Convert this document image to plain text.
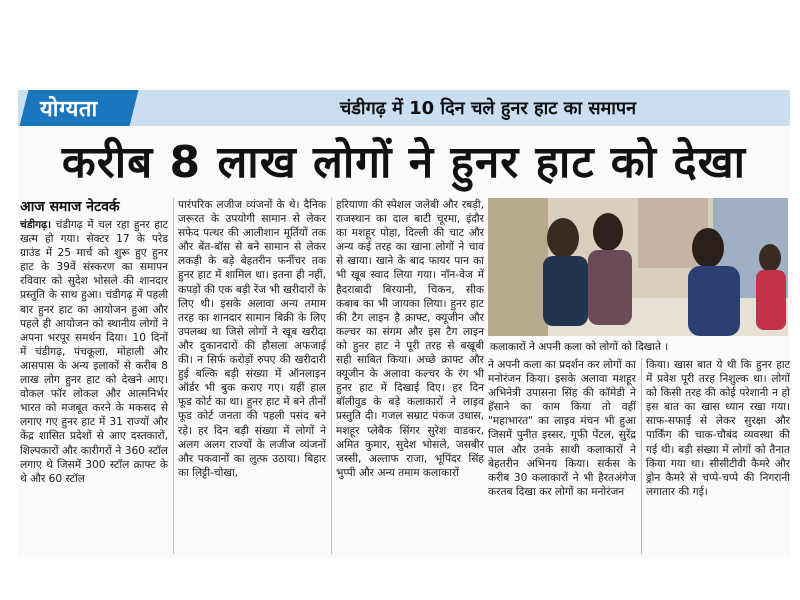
योग्यता	चंडीगढ़ में 10 दिन चले हुनर हाट का समापन
करीब 8 लाख लोगों ने हुनर हाट को देखा
आज समाज नेटवर्क

चंडीगढ़। चंडीगढ़ में चल रहा हुनर हाट खत्म हो गया। सेक्टर 17 के परेड ग्राउंड में 25 मार्च को शुरू हुए हुनर हाट के 39वें संस्करण का समापन रविवार को सुदेश भोसले की शानदार प्रस्तुति के साथ हुआ। चंडीगढ़ में पहली बार हुनर हाट का आयोजन हुआ और पहले ही आयोजन को स्थानीय लोगों ने अपना भरपूर समर्थन दिया। 10 दिनों में चंडीगढ़, पंचकूला, मोहाली और आसपास के अन्य इलाकों से करीब 8 लाख लोग हुनर हाट को देखने आए। वोकल फॉर लोकल और आत्मनिर्भर भारत को मजबूत करने के मकसद से लगाए गए हुनर हाट में 31 राज्यों और केंद्र शासित प्रदेशों से आए दस्तकारों, शिल्पकारों और कारीगरों ने 360 स्टॉल लगाए थे जिसमें 300 स्टॉल क्राफ्ट के थे और 60 स्टॉल

पारंपरिक लजीज व्यंजनों के थे। दैनिक जरूरत के उपयोगी सामान से लेकर सफेद पत्थर की आलीशान मूर्तियों तक और बेंत-बॉस से बने सामान से लेकर लकड़ी के बड़े बेहतरीन फर्नीचर तक हुनर हाट में शामिल था। इतना ही नहीं, कपड़ों की एक बड़ी रेंज भी खरीदारों के लिए थी। इसके अलावा अन्य तमाम तरह का शानदार सामान बिक्री के लिए उपलब्ध था जिसे लोगों ने खूब खरीदा और दुकानदारों की हौसला अफजाई की। न सिर्फ करोड़ों रुपए की खरीदारी हुई बल्कि बड़ी संख्या में ऑनलाइन ऑर्डर भी बुक कराए गए। यहीं हाल फूड कोर्ट का था। हुनर हाट में बने तीनों फूड कोर्ट जनता की पहली पसंद बने रहे। हर दिन बड़ी संख्या में लोगों ने अलग अलग राज्यों के लजीज व्यंजनों और पकवानों का लुत्फ उठाया। बिहार का लिट्टी-चोखा,

हरियाणा की स्पेशल जलेबी और रबड़ी, राजस्थान का दाल बाटी चूरमा, इंदौर का मशहूर पोहा, दिल्ली की चाट और अन्य कई तरह का खाना लोगों ने चाव से खाया। खाने के बाद फायर पान का भी खूब स्वाद लिया गया। नॉन-वेज में हैदराबादी बिरयानी, चिकन, सीक कबाब का भी जायका लिया। हुनर हाट की टैग लाइन है क्राफ्ट, क्यूजीन और कल्चर का संगम और इस टैग लाइन को हुनर हाट ने पूरी तरह से बखूबी सही साबित किया। अच्छे क्राफ्ट और क्यूजीन के अलावा कल्चर के रंग भी हुनर हाट में दिखाई दिए। हर दिन बॉलीवुड के बड़े कलाकारों ने लाइव प्रस्तुति दी। गजल सम्राट पंकज उधास, मशहूर प्लेबैक सिंगर सुरेश वाडकर, अमित कुमार, सुदेश भोसले, जसबीर जस्सी, अल्ताफ राजा, भूपिंदर सिंह भुप्पी और अन्य तमाम कलाकारों

कलाकारों ने अपनी कला को लोगों को दिखाते ।

ने अपनी कला का प्रदर्शन कर लोगों का मनोरंजन किया। इसके अलावा मशहूर अभिनेत्री उपासना सिंह की कॉमेडी ने हँसाने का काम किया तो वहीं "महाभारत" का लाइव मंचन भी हुआ जिसमें पुनीत इस्सर, गूफी पेंटल, सुरेंद्र पाल और उनके साथी कलाकारों ने बेहतरीन अभिनय किया। सर्कस के करीब 30 कलाकारों ने भी हैरतअंगेज करतब दिखा कर लोगों का मनोरंजन

किया। खास बात ये थी कि हुनर हाट में प्रवेश पूरी तरह निशुल्क था। लोगों को किसी तरह की कोई परेशानी न हो इस बात का खास ध्यान रखा गया। साफ-सफाई से लेकर सुरक्षा और पार्किंग की चाक-चौबंद व्यवस्था की गई थी। बड़ी संख्या में लोगों को तैनात किया गया था। सीसीटीवी कैमरे और ड्रोन कैमरे से चप्पे-चप्पे की निगरानी लगातार की गई।
